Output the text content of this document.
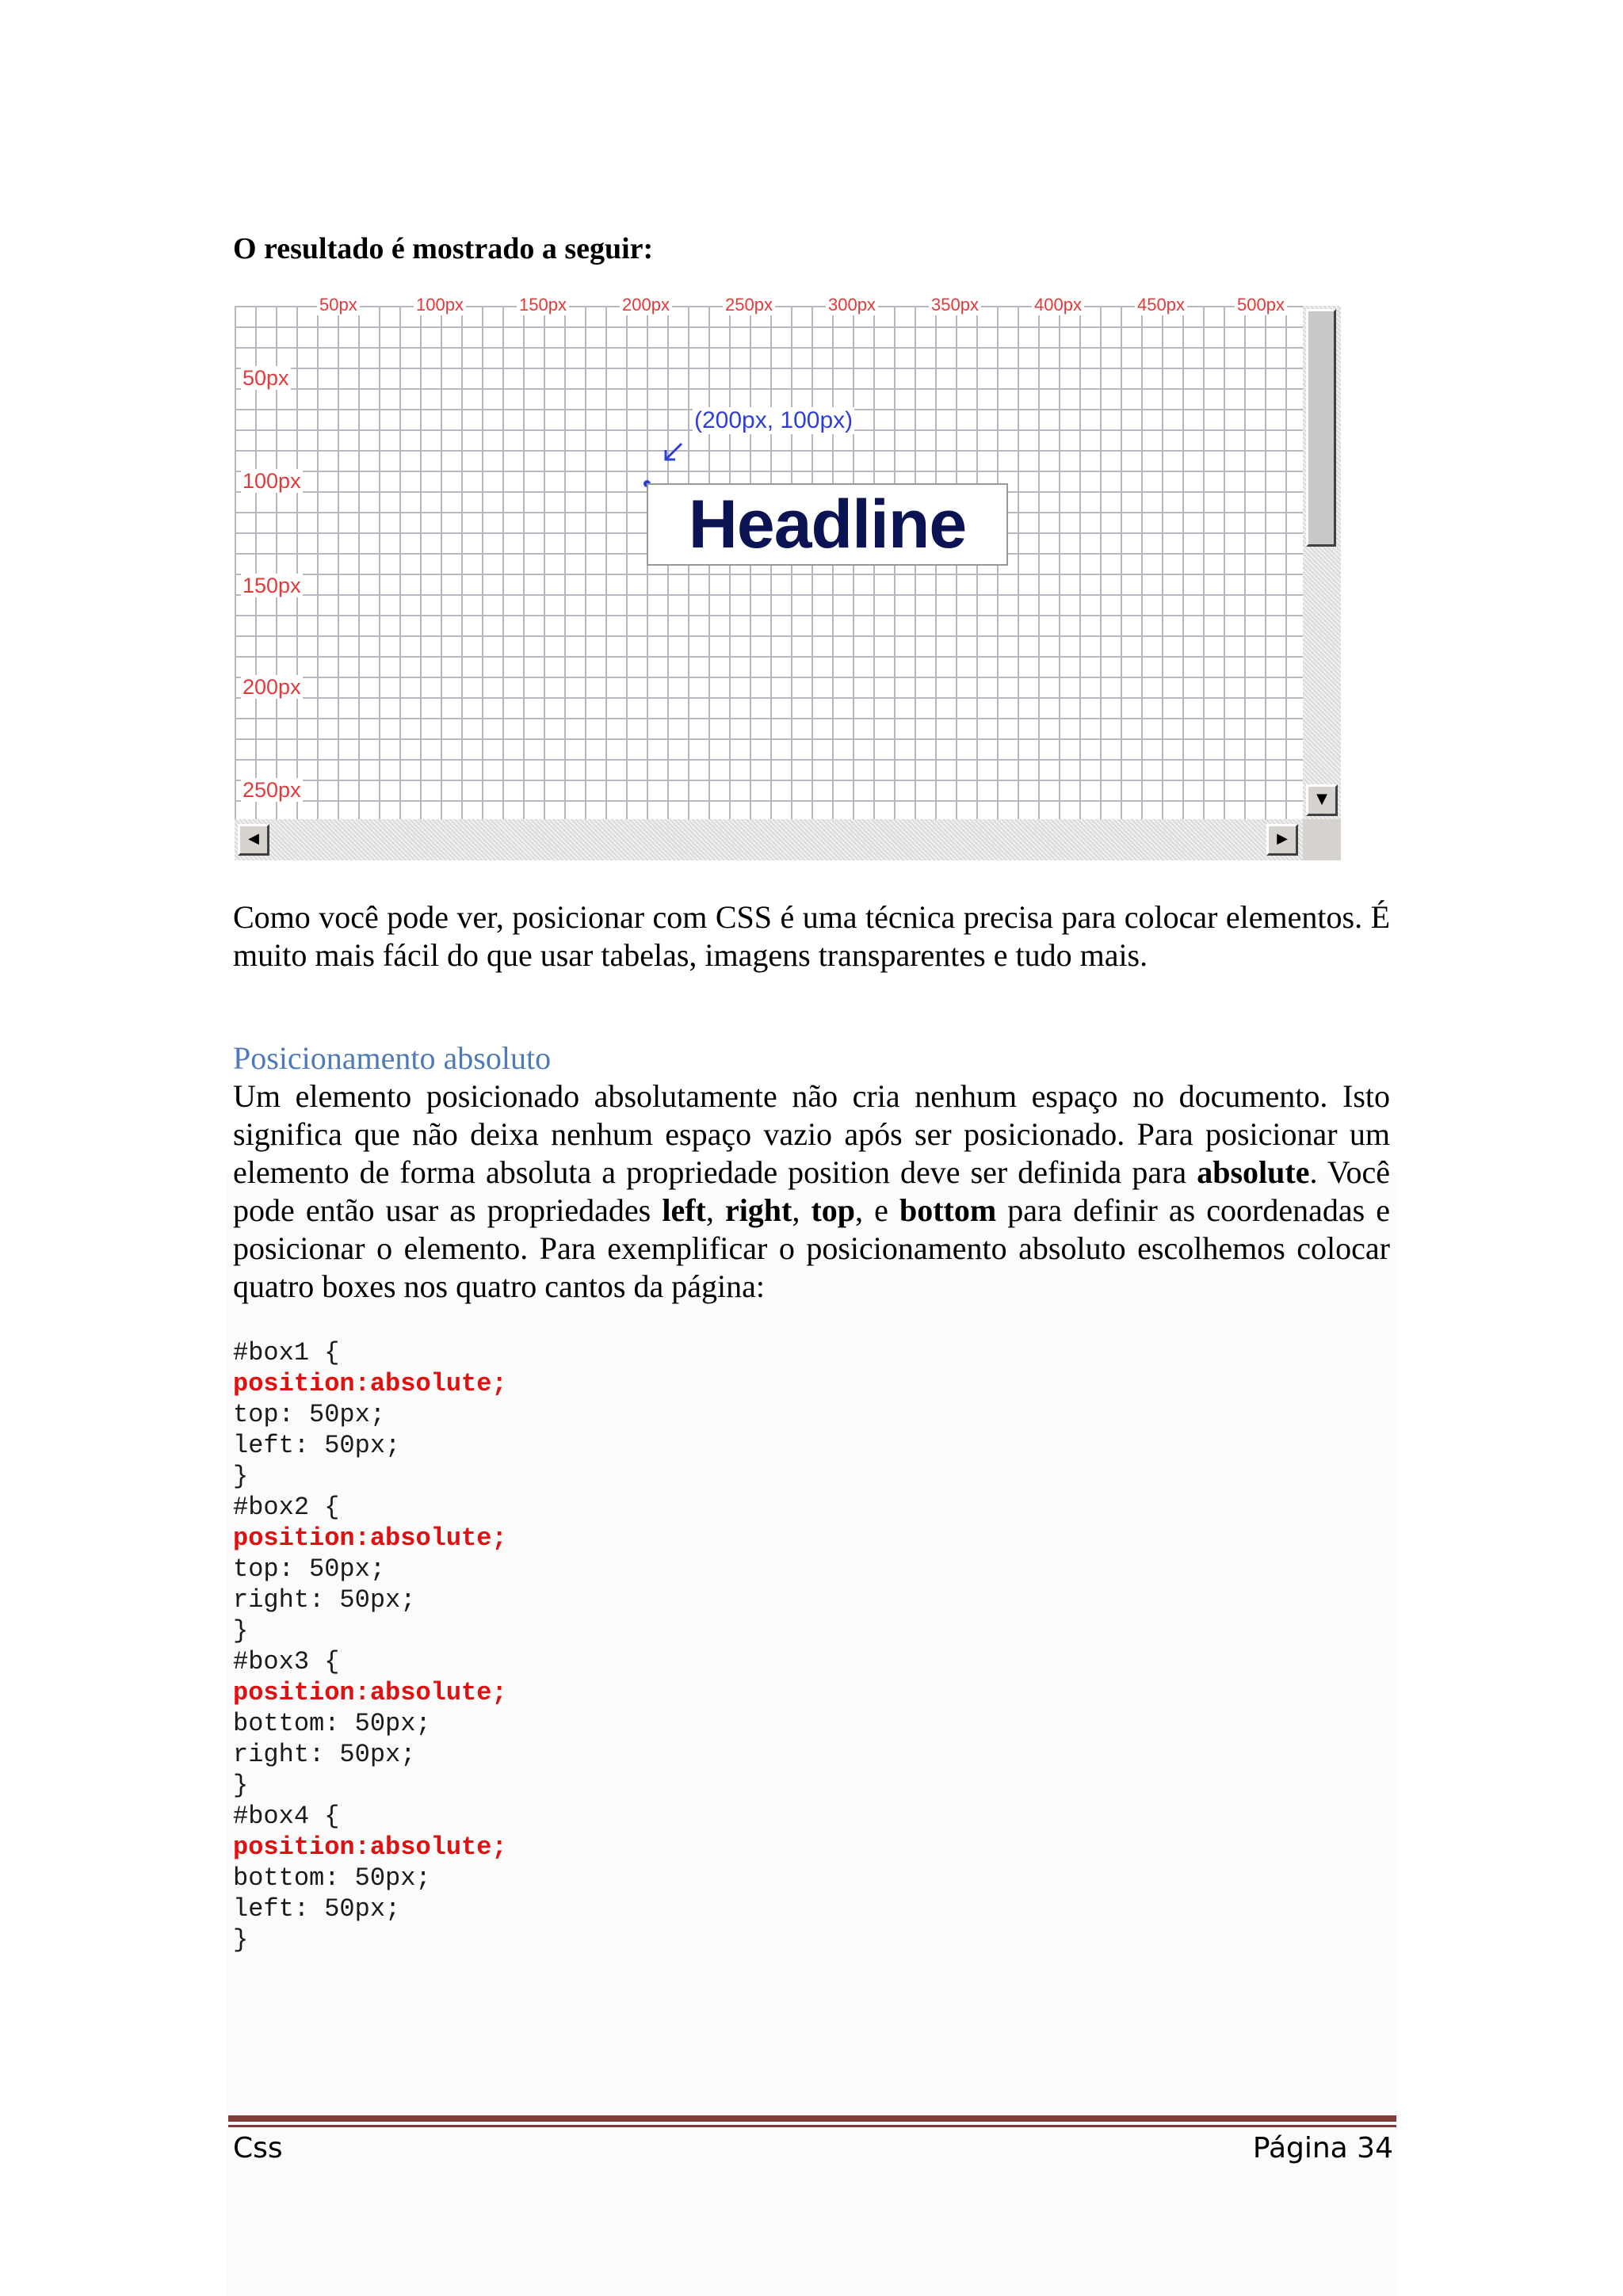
O resultado é mostrado a seguir:
50px	100px	150px	200px	250px	300px	350px	400px	450px	500px
50px
100px
150px
200px
250px
(200px, 100px)
Headline
▼
◀	▶
Como você pode ver, posicionar com CSS é uma técnica precisa para colocar elementos. É muito mais fácil do que usar tabelas, imagens transparentes e tudo mais.
Posicionamento absoluto
Um elemento posicionado absolutamente não cria nenhum espaço no documento. Isto significa que não deixa nenhum espaço vazio após ser posicionado. Para posicionar um elemento de forma absoluta a propriedade position deve ser definida para absolute. Você pode então usar as propriedades left, right, top, e bottom para definir as coordenadas e posicionar o elemento. Para exemplificar o posicionamento absoluto escolhemos colocar quatro boxes nos quatro cantos da página:
#box1 {
position:absolute;
top: 50px;
left: 50px;
}
#box2 {
position:absolute;
top: 50px;
right: 50px;
}
#box3 {
position:absolute;
bottom: 50px;
right: 50px;
}
#box4 {
position:absolute;
bottom: 50px;
left: 50px;
}
Css	Página 34
